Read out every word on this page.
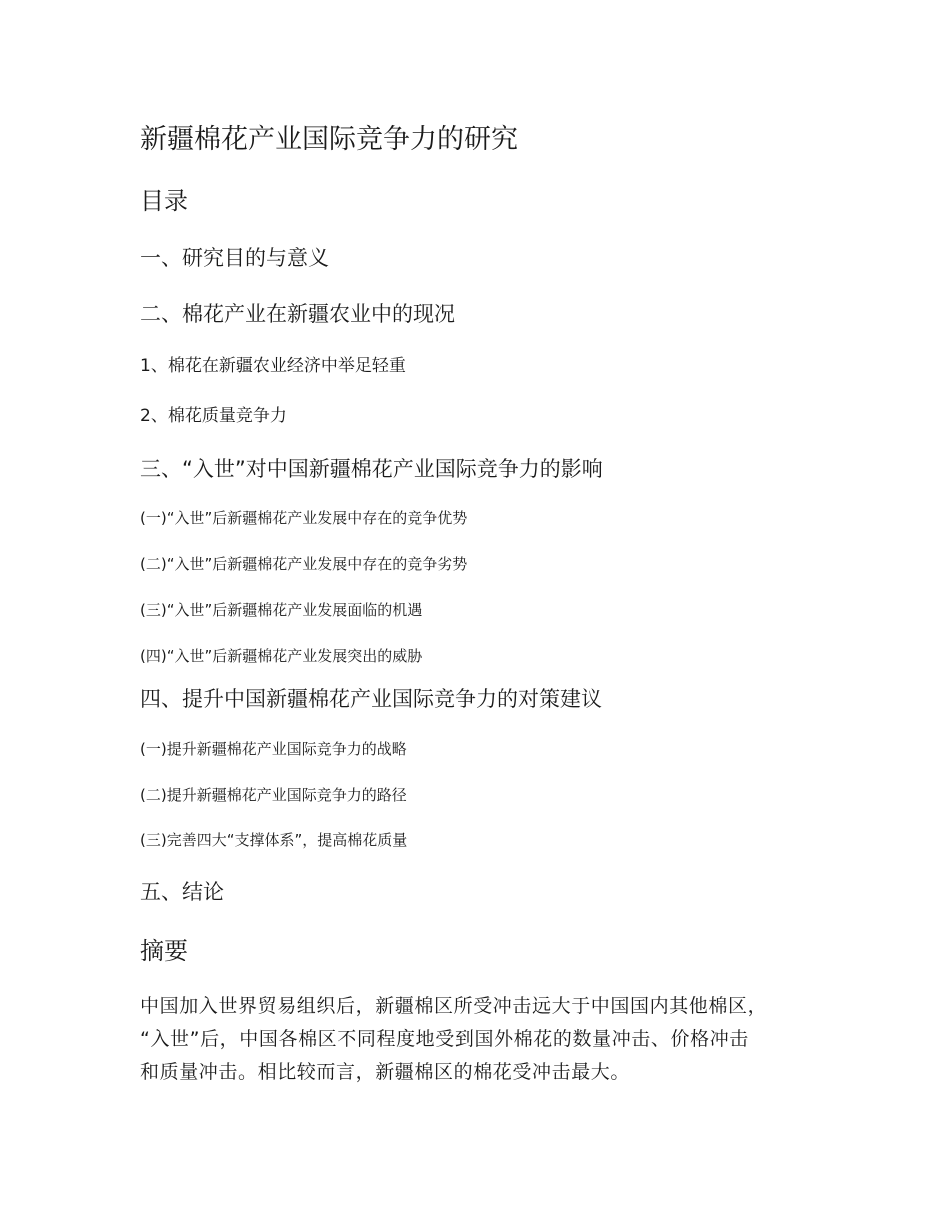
新疆棉花产业国际竞争力的研究
目录
一、研究目的与意义
二、棉花产业在新疆农业中的现况
1、棉花在新疆农业经济中举足轻重
2、棉花质量竞争力
三、“入世”对中国新疆棉花产业国际竞争力的影响
(一)“入世”后新疆棉花产业发展中存在的竞争优势
(二)“入世”后新疆棉花产业发展中存在的竞争劣势
(三)“入世”后新疆棉花产业发展面临的机遇
(四)“入世”后新疆棉花产业发展突出的威胁
四、提升中国新疆棉花产业国际竞争力的对策建议
(一)提升新疆棉花产业国际竞争力的战略
(二)提升新疆棉花产业国际竞争力的路径
(三)完善四大“支撑体系”，提高棉花质量
五、结论
摘要
中国加入世界贸易组织后，新疆棉区所受冲击远大于中国国内其他棉区，
“入世”后，中国各棉区不同程度地受到国外棉花的数量冲击、价格冲击
和质量冲击。相比较而言，新疆棉区的棉花受冲击最大。
